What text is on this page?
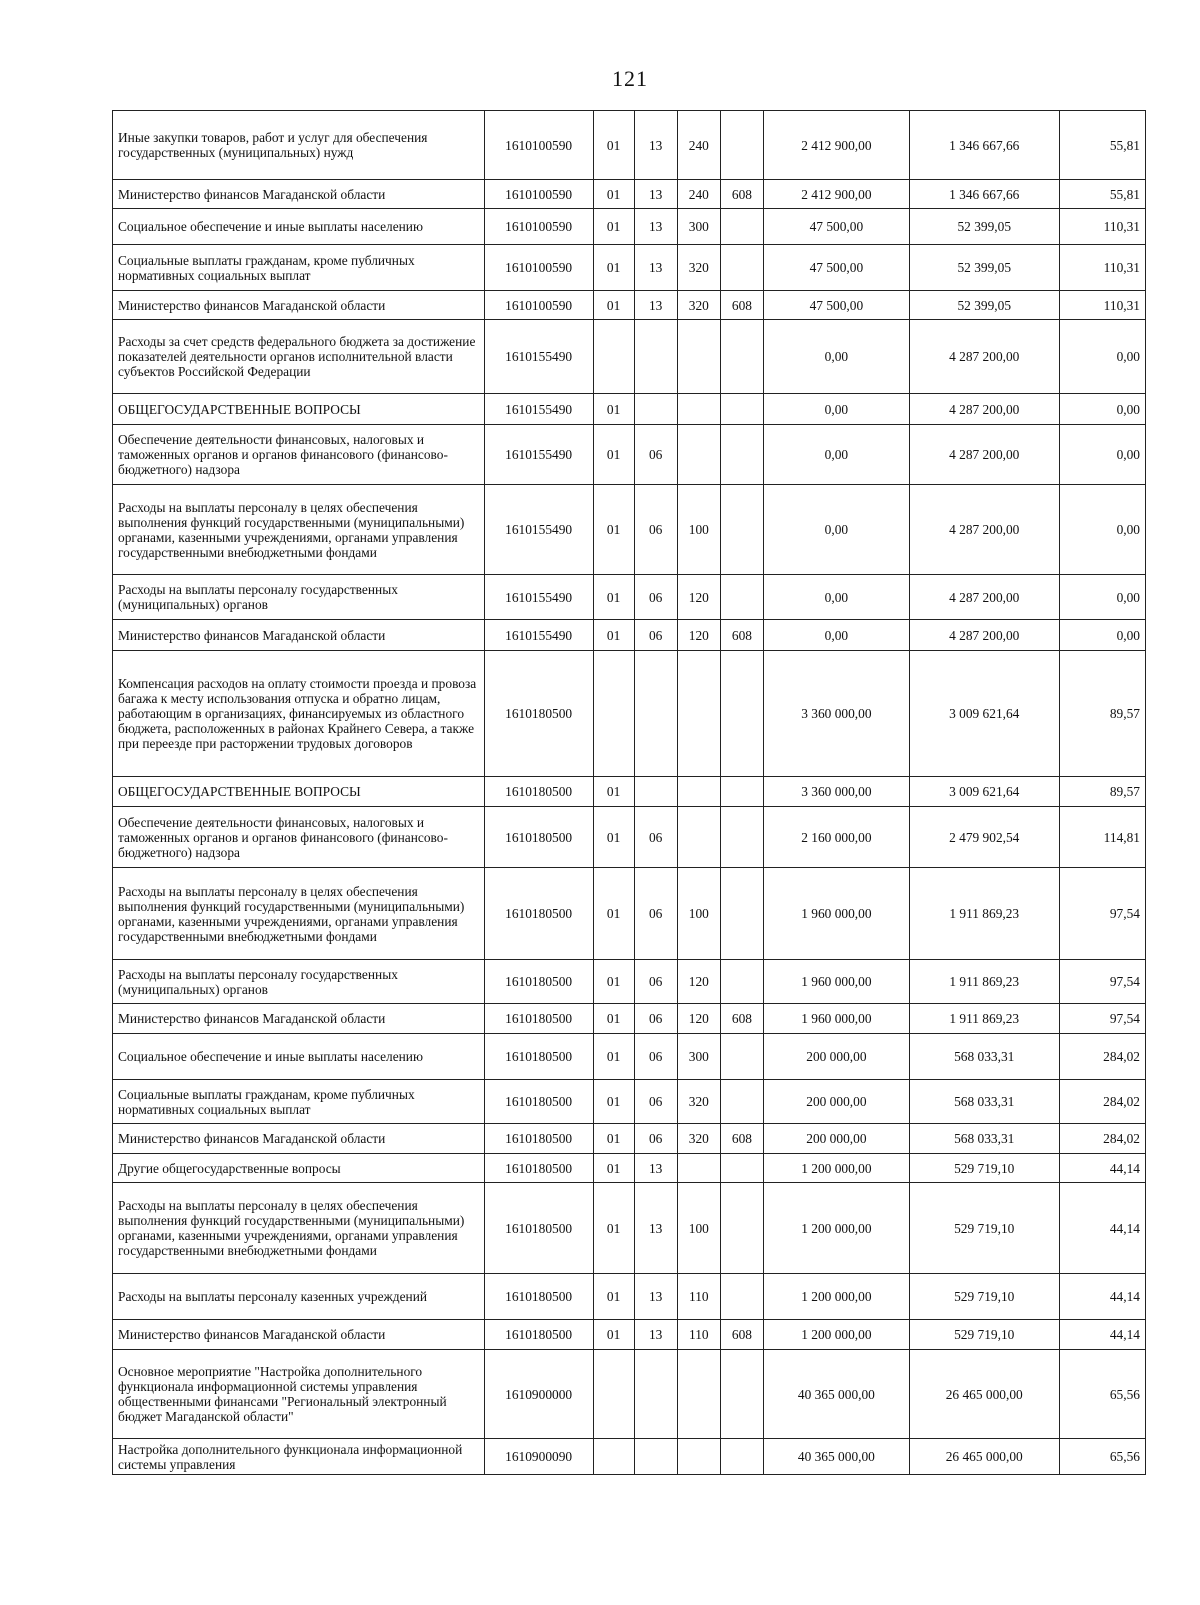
121
Иные закупки товаров, работ и услуг для обеспечения государственных (муниципальных) нужд	1610100590	01	13	240		2 412 900,00	1 346 667,66	55,81
Министерство финансов Магаданской области	1610100590	01	13	240	608	2 412 900,00	1 346 667,66	55,81
Социальное обеспечение и иные выплаты населению	1610100590	01	13	300		47 500,00	52 399,05	110,31
Социальные выплаты гражданам, кроме публичных нормативных социальных выплат	1610100590	01	13	320		47 500,00	52 399,05	110,31
Министерство финансов Магаданской области	1610100590	01	13	320	608	47 500,00	52 399,05	110,31
Расходы за счет средств федерального бюджета за достижение показателей деятельности органов исполнительной власти субъектов Российской Федерации	1610155490					0,00	4 287 200,00	0,00
ОБЩЕГОСУДАРСТВЕННЫЕ ВОПРОСЫ	1610155490	01				0,00	4 287 200,00	0,00
Обеспечение деятельности финансовых, налоговых и таможенных органов и органов финансового (финансово-бюджетного) надзора	1610155490	01	06			0,00	4 287 200,00	0,00
Расходы на выплаты персоналу в целях обеспечения выполнения функций государственными (муниципальными) органами, казенными учреждениями, органами управления государственными внебюджетными фондами	1610155490	01	06	100		0,00	4 287 200,00	0,00
Расходы на выплаты персоналу государственных (муниципальных) органов	1610155490	01	06	120		0,00	4 287 200,00	0,00
Министерство финансов Магаданской области	1610155490	01	06	120	608	0,00	4 287 200,00	0,00
Компенсация расходов на оплату стоимости проезда и провоза багажа к месту использования отпуска и обратно лицам, работающим в организациях, финансируемых из областного бюджета, расположенных в районах Крайнего Севера, а также при переезде при расторжении трудовых договоров	1610180500					3 360 000,00	3 009 621,64	89,57
ОБЩЕГОСУДАРСТВЕННЫЕ ВОПРОСЫ	1610180500	01				3 360 000,00	3 009 621,64	89,57
Обеспечение деятельности финансовых, налоговых и таможенных органов и органов финансового (финансово-бюджетного) надзора	1610180500	01	06			2 160 000,00	2 479 902,54	114,81
Расходы на выплаты персоналу в целях обеспечения выполнения функций государственными (муниципальными) органами, казенными учреждениями, органами управления государственными внебюджетными фондами	1610180500	01	06	100		1 960 000,00	1 911 869,23	97,54
Расходы на выплаты персоналу государственных (муниципальных) органов	1610180500	01	06	120		1 960 000,00	1 911 869,23	97,54
Министерство финансов Магаданской области	1610180500	01	06	120	608	1 960 000,00	1 911 869,23	97,54
Социальное обеспечение и иные выплаты населению	1610180500	01	06	300		200 000,00	568 033,31	284,02
Социальные выплаты гражданам, кроме публичных нормативных социальных выплат	1610180500	01	06	320		200 000,00	568 033,31	284,02
Министерство финансов Магаданской области	1610180500	01	06	320	608	200 000,00	568 033,31	284,02
Другие общегосударственные вопросы	1610180500	01	13			1 200 000,00	529 719,10	44,14
Расходы на выплаты персоналу в целях обеспечения выполнения функций государственными (муниципальными) органами, казенными учреждениями, органами управления государственными внебюджетными фондами	1610180500	01	13	100		1 200 000,00	529 719,10	44,14
Расходы на выплаты персоналу казенных учреждений	1610180500	01	13	110		1 200 000,00	529 719,10	44,14
Министерство финансов Магаданской области	1610180500	01	13	110	608	1 200 000,00	529 719,10	44,14
Основное мероприятие "Настройка дополнительного функционала информационной системы управления общественными финансами "Региональный электронный бюджет Магаданской области"	1610900000					40 365 000,00	26 465 000,00	65,56
Настройка дополнительного функционала информационной системы управления	1610900090					40 365 000,00	26 465 000,00	65,56
